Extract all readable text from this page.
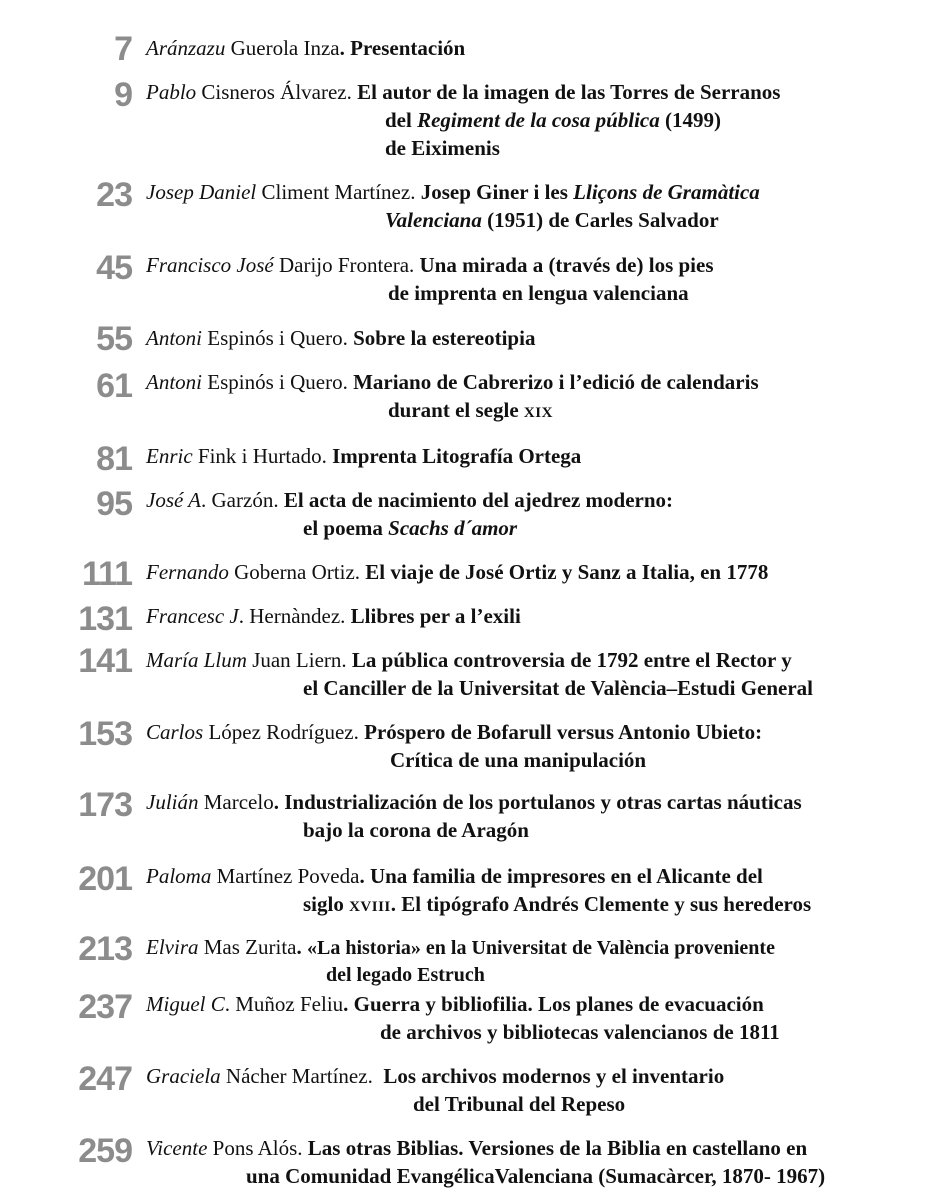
7 Aránzazu Guerola Inza. Presentación
9 Pablo Cisneros Álvarez. El autor de la imagen de las Torres de Serranos
del Regiment de la cosa pública (1499)
de Eiximenis
23 Josep Daniel Climent Martínez. Josep Giner i les Lliçons de Gramàtica
Valenciana (1951) de Carles Salvador
45 Francisco José Darijo Frontera. Una mirada a (través de) los pies
de imprenta en lengua valenciana
55 Antoni Espinós i Quero. Sobre la estereotipia
61 Antoni Espinós i Quero. Mariano de Cabrerizo i l’edició de calendaris
durant el segle XIX
81 Enric Fink i Hurtado. Imprenta Litografía Ortega
95 José A. Garzón. El acta de nacimiento del ajedrez moderno:
el poema Scachs d´amor
111 Fernando Goberna Ortiz. El viaje de José Ortiz y Sanz a Italia, en 1778
131 Francesc J. Hernàndez. Llibres per a l’exili
141 María Llum Juan Liern. La pública controversia de 1792 entre el Rector y
el Canciller de la Universitat de València–Estudi General
153 Carlos López Rodríguez. Próspero de Bofarull versus Antonio Ubieto:
Crítica de una manipulación
173 Julián Marcelo. Industrialización de los portulanos y otras cartas náuticas
bajo la corona de Aragón
201 Paloma Martínez Poveda. Una familia de impresores en el Alicante del
siglo XVIII. El tipógrafo Andrés Clemente y sus herederos
213 Elvira Mas Zurita. «La historia» en la Universitat de València proveniente
del legado Estruch
237 Miguel C. Muñoz Feliu. Guerra y bibliofilia. Los planes de evacuación
de archivos y bibliotecas valencianos de 1811
247 Graciela Nácher Martínez.  Los archivos modernos y el inventario
del Tribunal del Repeso
259 Vicente Pons Alós. Las otras Biblias. Versiones de la Biblia en castellano en
una Comunidad EvangélicaValenciana (Sumacàrcer, 1870- 1967)
